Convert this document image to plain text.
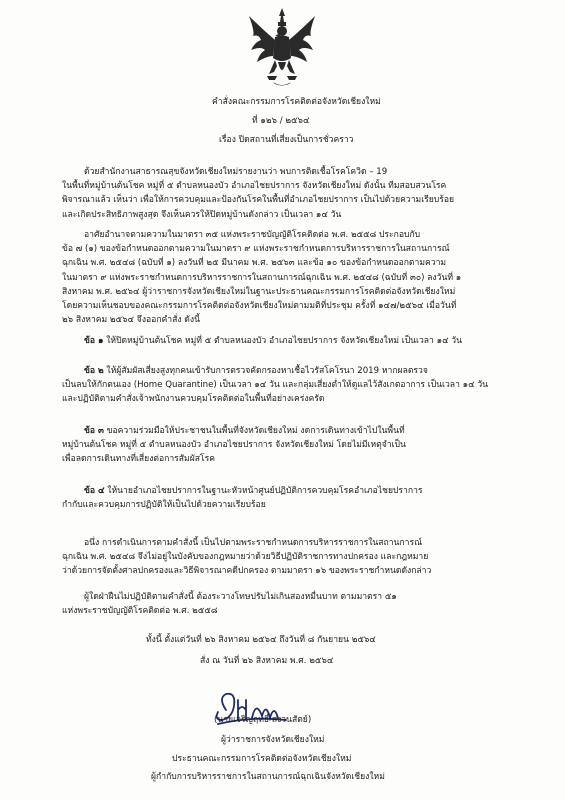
คำสั่งคณะกรรมการโรคติดต่อจังหวัดเชียงใหม่
ที่ ๑๒๖ / ๒๕๖๔
เรื่อง ปิดสถานที่เสี่ยงเป็นการชั่วคราว

ด้วยสำนักงานสาธารณสุขจังหวัดเชียงใหม่รายงานว่า พบการติดเชื้อโรคโควิด – 19

ในพื้นที่หมู่บ้านต้นโชค หมู่ที่ ๕ ตำบลหนองบัว อำเภอไชยปราการ จังหวัดเชียงใหม่ ดังนั้น ทีมสอบสวนโรค

พิจารณาแล้ว เห็นว่า เพื่อให้การควบคุมและป้องกันโรคในพื้นที่อำเภอไชยปราการ เป็นไปด้วยความเรียบร้อย

และเกิดประสิทธิภาพสูงสุด จึงเห็นควรให้ปิดหมู่บ้านดังกล่าว เป็นเวลา ๑๔ วัน

อาศัยอำนาจตามความในมาตรา ๓๕ แห่งพระราชบัญญัติโรคติดต่อ พ.ศ. ๒๕๕๘ ประกอบกับ

ข้อ ๗ (๑) ของข้อกำหนดออกตามความในมาตรา ๙ แห่งพระราชกำหนดการบริหารราชการในสถานการณ์

ฉุกเฉิน พ.ศ. ๒๕๔๘ (ฉบับที่ ๑) ลงวันที่ ๒๕ มีนาคม พ.ศ. ๒๕๖๓ และข้อ ๑๐ ของข้อกำหนดออกตามความ

ในมาตรา ๙ แห่งพระราชกำหนดการบริหารราชการในสถานการณ์ฉุกเฉิน พ.ศ. ๒๕๔๘ (ฉบับที่ ๓๐) ลงวันที่ ๑

สิงหาคม พ.ศ. ๒๕๖๔ ผู้ว่าราชการจังหวัดเชียงใหม่ในฐานะประธานคณะกรรมการโรคติดต่อจังหวัดเชียงใหม่

โดยความเห็นชอบของคณะกรรมการโรคติดต่อจังหวัดเชียงใหม่ตามมติที่ประชุม ครั้งที่ ๑๔๗/๒๕๖๔ เมื่อวันที่

๒๖ สิงหาคม ๒๕๖๔ จึงออกคำสั่ง ดังนี้

ข้อ ๑ ให้ปิดหมู่บ้านต้นโชค หมู่ที่ ๕ ตำบลหนองบัว อำเภอไชยปราการ จังหวัดเชียงใหม่ เป็นเวลา ๑๔ วัน

ข้อ ๒ ให้ผู้สัมผัสเสี่ยงสูงทุกคนเข้ารับการตรวจคัดกรองหาเชื้อไวรัสโคโรนา 2019 หากผลตรวจ

เป็นลบให้กักตนเอง (Home Quarantine) เป็นเวลา ๑๔ วัน และกลุ่มเสี่ยงต่ำให้ดูแลไว้สังเกตอาการ เป็นเวลา ๑๔ วัน

และปฏิบัติตามคำสั่งเจ้าพนักงานควบคุมโรคติดต่อในพื้นที่อย่างเคร่งครัด

ข้อ ๓ ขอความร่วมมือให้ประชาชนในพื้นที่จังหวัดเชียงใหม่ งดการเดินทางเข้าไปในพื้นที่

หมู่บ้านต้นโชค หมู่ที่ ๕ ตำบลหนองบัว อำเภอไชยปราการ จังหวัดเชียงใหม่ โดยไม่มีเหตุจำเป็น

เพื่อลดการเดินทางที่เสี่ยงต่อการสัมผัสโรค

ข้อ ๔ ให้นายอำเภอไชยปราการในฐานะหัวหน้าศูนย์ปฏิบัติการควบคุมโรคอำเภอไชยปราการ

กำกับและควบคุมการปฏิบัติให้เป็นไปด้วยความเรียบร้อย

อนึ่ง การดำเนินการตามคำสั่งนี้ เป็นไปตามพระราชกำหนดการบริหารราชการในสถานการณ์

ฉุกเฉิน พ.ศ. ๒๕๔๘ จึงไม่อยู่ในบังคับของกฎหมายว่าด้วยวิธีปฏิบัติราชการทางปกครอง และกฎหมาย

ว่าด้วยการจัดตั้งศาลปกครองและวิธีพิจารณาคดีปกครอง ตามมาตรา ๑๖ ของพระราชกำหนดดังกล่าว

ผู้ใดฝ่าฝืนไม่ปฏิบัติตามคำสั่งนี้ ต้องระวางโทษปรับไม่เกินสองหมื่นบาท ตามมาตรา ๕๑

แห่งพระราชบัญญัติโรคติดต่อ พ.ศ. ๒๕๕๘

ทั้งนี้ ตั้งแต่วันที่ ๒๖ สิงหาคม ๒๕๖๔ ถึงวันที่ ๘ กันยายน ๒๕๖๔
สั่ง ณ วันที่ ๒๖ สิงหาคม พ.ศ. ๒๕๖๔
(นายเจริญฤทธิ์ สงวนสัตย์)
ผู้ว่าราชการจังหวัดเชียงใหม่
ประธานคณะกรรมการโรคติดต่อจังหวัดเชียงใหม่
ผู้กำกับการบริหารราชการในสถานการณ์ฉุกเฉินจังหวัดเชียงใหม่
